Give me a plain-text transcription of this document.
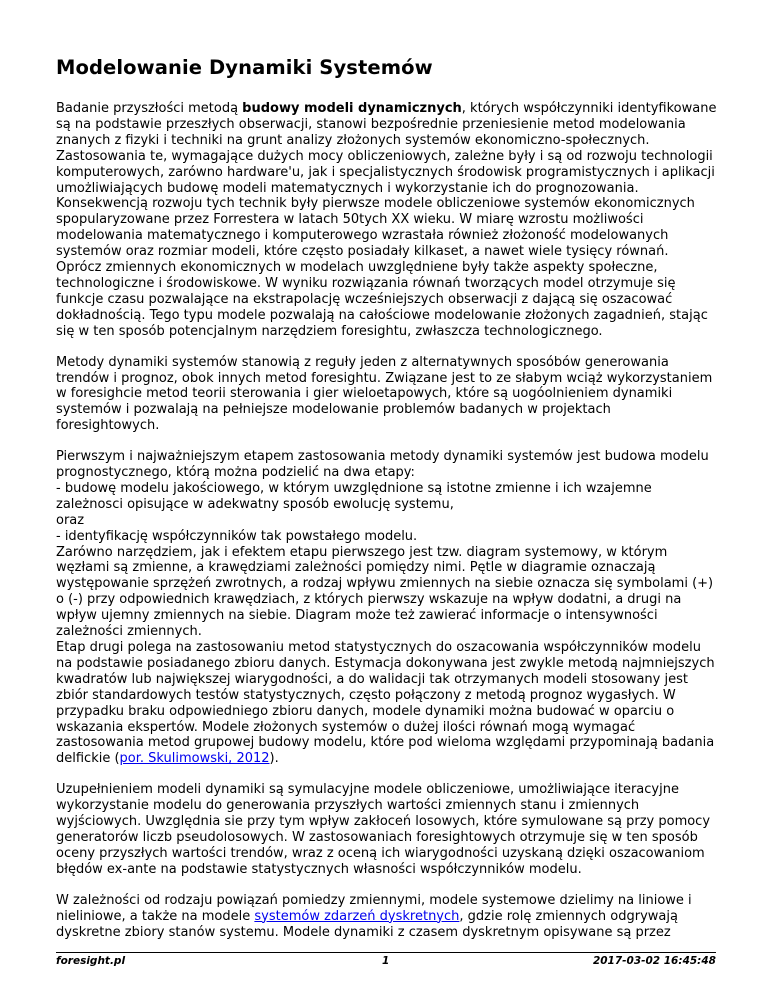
Modelowanie Dynamiki Systemów

Badanie przyszłości metodą budowy modeli dynamicznych, których współczynniki identyfikowane
są na podstawie przeszłych obserwacji, stanowi bezpośrednie przeniesienie metod modelowania
znanych z fizyki i techniki na grunt analizy złożonych systemów ekonomiczno-społecznych.
Zastosowania te, wymagające dużych mocy obliczeniowych, zależne były i są od rozwoju technologii
komputerowych, zarówno hardware'u, jak i specjalistycznych środowisk programistycznych i aplikacji
umożliwiających budowę modeli matematycznych i wykorzystanie ich do prognozowania.
Konsekwencją rozwoju tych technik były pierwsze modele obliczeniowe systemów ekonomicznych
spopularyzowane przez Forrestera w latach 50tych XX wieku. W miarę wzrostu możliwości
modelowania matematycznego i komputerowego wzrastała również złożoność modelowanych
systemów oraz rozmiar modeli, które często posiadały kilkaset, a nawet wiele tysięcy równań.
Oprócz zmiennych ekonomicznych w modelach uwzględniene były także aspekty społeczne,
technologiczne i środowiskowe. W wyniku rozwiązania równań tworzących model otrzymuje się
funkcje czasu pozwalające na ekstrapolację wcześniejszych obserwacji z dającą się oszacować
dokładnością. Tego typu modele pozwalają na całościowe modelowanie złożonych zagadnień, stając
się w ten sposób potencjalnym narzędziem foresightu, zwłaszcza technologicznego.

Metody dynamiki systemów stanowią z reguły jeden z alternatywnych sposóbów generowania
trendów i prognoz, obok innych metod foresightu. Związane jest to ze słabym wciąż wykorzystaniem
w foresighcie metod teorii sterowania i gier wieloetapowych, które są uogóolnieniem dynamiki
systemów i pozwalają na pełniejsze modelowanie problemów badanych w projektach
foresightowych.

Pierwszym i najważniejszym etapem zastosowania metody dynamiki systemów jest budowa modelu
prognostycznego, którą można podzielić na dwa etapy:
- budowę modelu jakościowego, w którym uwzględnione są istotne zmienne i ich wzajemne
zależnosci opisujące w adekwatny sposób ewolucję systemu,
oraz
- identyfikację współczynników tak powstałego modelu.
Zarówno narzędziem, jak i efektem etapu pierwszego jest tzw. diagram systemowy, w którym
węzłami są zmienne, a krawędziami zależności pomiędzy nimi. Pętle w diagramie oznaczają
występowanie sprzężeń zwrotnych, a rodzaj wpływu zmiennych na siebie oznacza się symbolami (+)
o (-) przy odpowiednich krawędziach, z których pierwszy wskazuje na wpływ dodatni, a drugi na
wpływ ujemny zmiennych na siebie. Diagram może też zawierać informacje o intensywności
zależności zmiennych.
Etap drugi polega na zastosowaniu metod statystycznych do oszacowania współczynników modelu
na podstawie posiadanego zbioru danych. Estymacja dokonywana jest zwykle metodą najmniejszych
kwadratów lub największej wiarygodności, a do walidacji tak otrzymanych modeli stosowany jest
zbiór standardowych testów statystycznych, często połączony z metodą prognoz wygasłych. W
przypadku braku odpowiedniego zbioru danych, modele dynamiki można budować w oparciu o
wskazania ekspertów. Modele złożonych systemów o dużej ilości równań mogą wymagać
zastosowania metod grupowej budowy modelu, które pod wieloma względami przypominają badania
delfickie (por. Skulimowski, 2012).

Uzupełnieniem modeli dynamiki są symulacyjne modele obliczeniowe, umożliwiające iteracyjne
wykorzystanie modelu do generowania przyszłych wartości zmiennych stanu i zmiennych
wyjściowych. Uwzględnia sie przy tym wpływ zakłoceń losowych, które symulowane są przy pomocy
generatorów liczb pseudolosowych. W zastosowaniach foresightowych otrzymuje się w ten sposób
oceny przyszłych wartości trendów, wraz z oceną ich wiarygodności uzyskaną dzięki oszacowaniom
błędów ex-ante na podstawie statystycznych własności współczynników modelu.

W zależności od rodzaju powiązań pomiedzy zmiennymi, modele systemowe dzielimy na liniowe i
nieliniowe, a także na modele systemów zdarzeń dyskretnych, gdzie rolę zmiennych odgrywają
dyskretne zbiory stanów systemu. Modele dynamiki z czasem dyskretnym opisywane są przez

foresight.pl	1	2017-03-02 16:45:48
